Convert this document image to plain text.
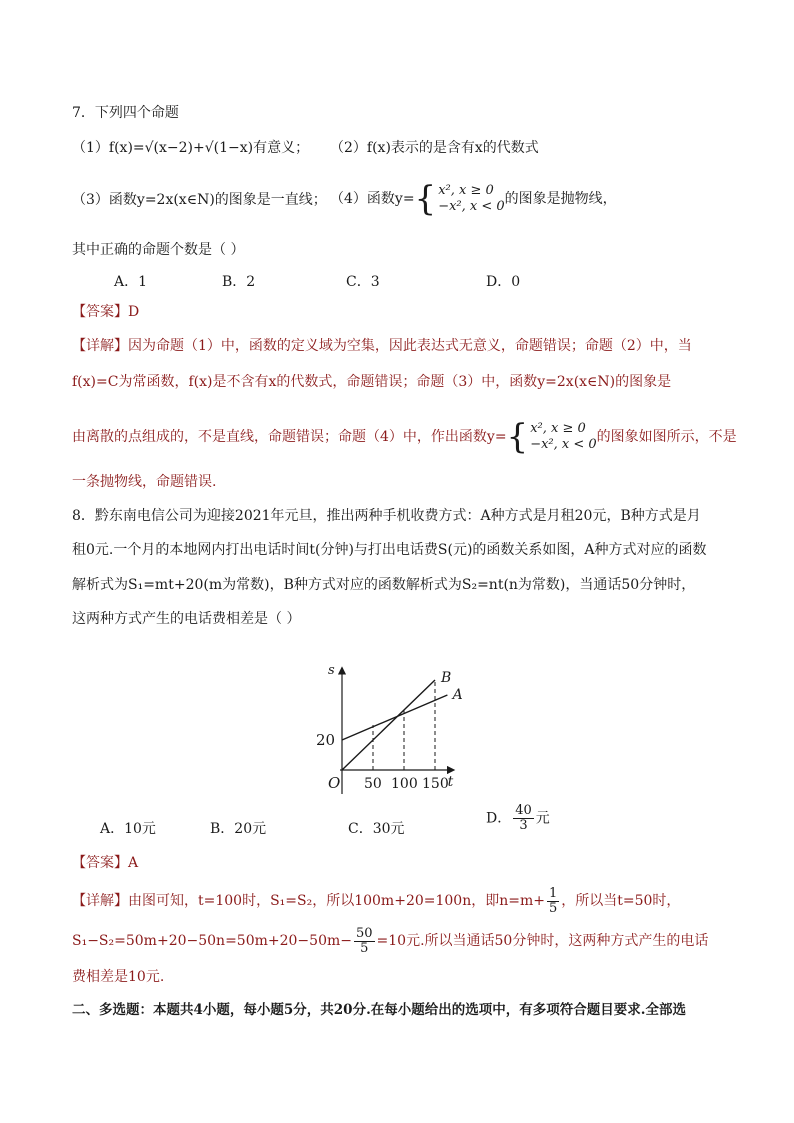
7．下列四个命题
（1）f(x)=√(x−2)+√(1−x)有意义； （2）f(x)表示的是含有x的代数式
（3）函数y=2x(x∈N)的图象是一直线； （4）函数y= { x², x ≥ 0
−x², x < 0 的图象是抛物线，
其中正确的命题个数是（ ）
A．1	B．2	C．3	D．0
【答案】D
【详解】因为命题（1）中，函数的定义域为空集，因此表达式无意义，命题错误；命题（2）中，当
f(x)=C为常函数，f(x)是不含有x的代数式，命题错误；命题（3）中，函数y=2x(x∈N)的图象是
由离散的点组成的，不是直线，命题错误；命题（4）中，作出函数y= { x², x ≥ 0
−x², x < 0 的图象如图所示，不是
一条抛物线，命题错误.
8．黔东南电信公司为迎接2021年元旦，推出两种手机收费方式：A种方式是月租20元，B种方式是月
租0元.一个月的本地网内打出电话时间t(分钟)与打出电话费S(元)的函数关系如图，A种方式对应的函数
解析式为S₁=mt+20(m为常数)，B种方式对应的函数解析式为S₂=nt(n为常数)，当通话50分钟时，
这两种方式产生的电话费相差是（ ）
s
t
O
20
50 100 150
A
B
A．10元	B．20元	C．30元
D． $\frac{40}{3}$ 元
【答案】A
【详解】由图可知，t=100时，S₁=S₂，所以100m+20=100n，即$n=m+ \frac{1}{5}$ ，所以当t=50时，
$S_1-S_2=50m+20-50n=50m+20-50m- \frac{50}{5} =10$元.所以当通话50分钟时，这两种方式产生的电话
费相差是10元.
二、多选题：本题共4小题，每小题5分，共20分.在每小题给出的选项中，有多项符合题目要求.全部选
